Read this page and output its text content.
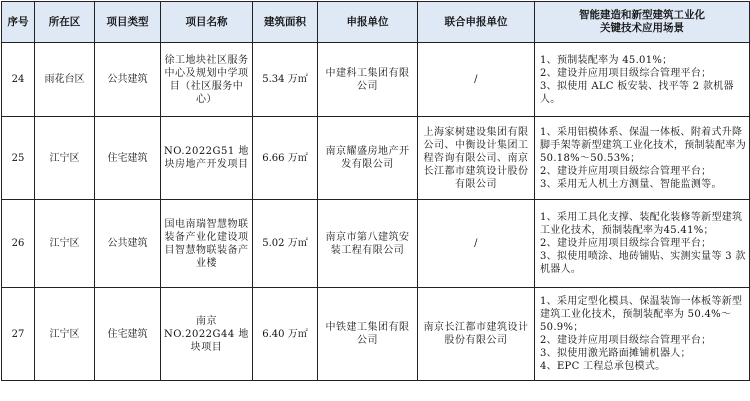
序号	所在区	项目类型	项目名称	建筑面积	申报单位	联合申报单位	智能建造和新型建筑工业化
关键技术应用场景

24	雨花台区	公共建筑	徐工地块社区服务中心及规划中学项目（社区服务中心）	5.34 万㎡	中建科工集团有限公司	/	1、预制装配率为 45.01%；
2、建设并应用项目级综合管理平台；
3、拟使用 ALC 板安装、找平等 2 款机器人。

25	江宁区	住宅建筑	NO.2022G51 地块房地产开发项目	6.66 万㎡	南京耀盛房地产开发有限公司	上海家树建设集团有限公司、中衡设计集团工程咨询有限公司、南京长江都市建筑设计股份有限公司	1、采用铝模体系、保温一体板、附着式升降脚手架等新型建筑工业化技术，预制装配率为 50.18%～50.53%；
2、建设并应用项目级综合管理平台；
3、采用无人机土方测量、智能监测等。

26	江宁区	公共建筑	国电南瑞智慧物联装备产业化建设项目智慧物联装备产业楼	5.02 万㎡	南京市第八建筑安装工程有限公司	/	1、采用工具化支撑、装配化装修等新型建筑工业化技术，预制装配率为45.41%；
2、建设并应用项目级综合管理平台；
3、拟使用喷涂、地砖铺贴、实测实量等 3 款机器人。

27	江宁区	住宅建筑	南京 NO.2022G44 地块项目	6.40 万㎡	中铁建工集团有限公司	南京长江都市建筑设计股份有限公司	1、采用定型化模具、保温装饰一体板等新型建筑工业化技术，预制装配率为 50.4%～50.9%；
2、建设并应用项目级综合管理平台；
3、拟使用激光路面摊铺机器人；
4、EPC 工程总承包模式。
